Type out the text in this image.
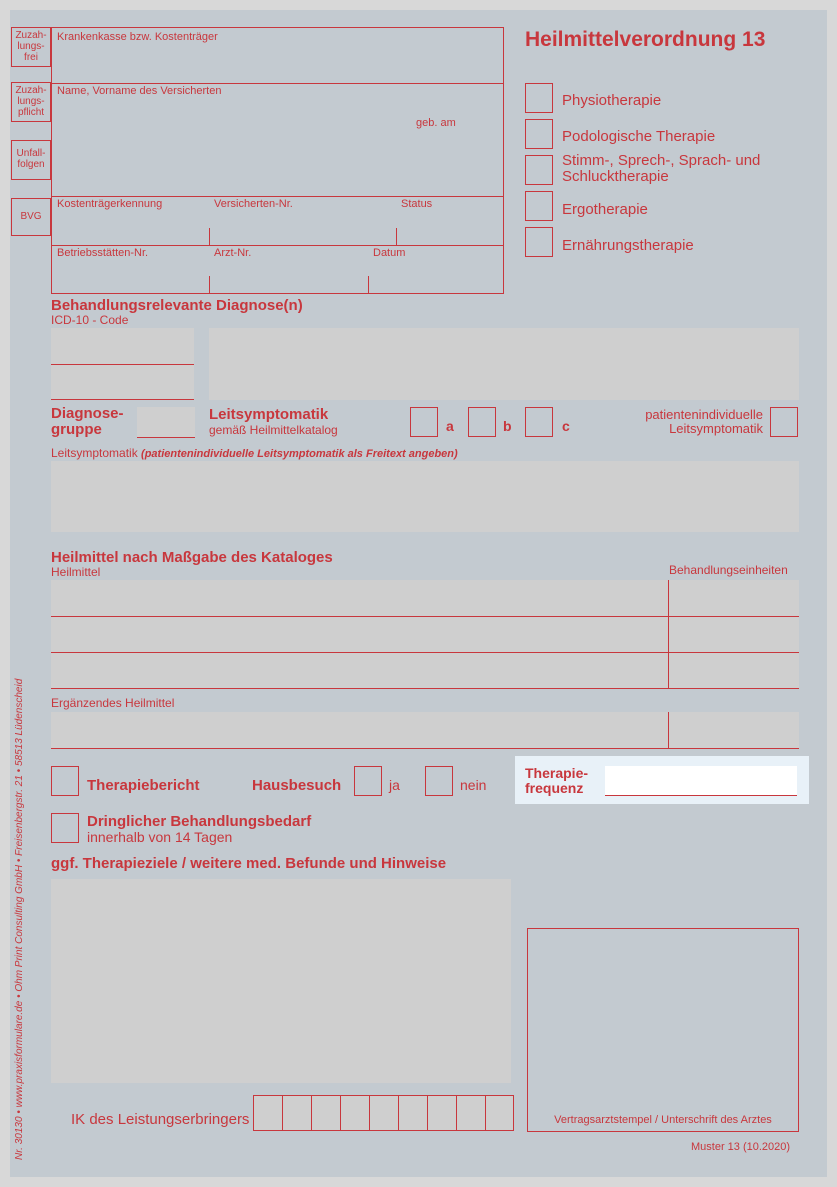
Zuzah-lungs-frei
Zuzah-lungs-pflicht
Unfall-folgen
BVG
Krankenkasse bzw. Kostenträger
Name, Vorname des Versicherten
geb. am
Kostenträgerkennung	Versicherten-Nr.	Status
Betriebsstätten-Nr.	Arzt-Nr.	Datum
Heilmittelverordnung 13
Physiotherapie
Podologische Therapie
Stimm-, Sprech-, Sprach- und
Schlucktherapie
Ergotherapie
Ernährungstherapie
Behandlungsrelevante Diagnose(n)
ICD-10 - Code
Diagnose-
gruppe
Leitsymptomatik
gemäß Heilmittelkatalog	a	b	c
patientenindividuelle
Leitsymptomatik
Leitsymptomatik (patientenindividuelle Leitsymptomatik als Freitext angeben)
Heilmittel nach Maßgabe des Kataloges
Heilmittel	Behandlungseinheiten
Ergänzendes Heilmittel
Therapiebericht	Hausbesuch	ja	nein
Therapie-
frequenz
Dringlicher Behandlungsbedarf
innerhalb von 14 Tagen
ggf. Therapieziele / weitere med. Befunde und Hinweise
Vertragsarztstempel / Unterschrift des Arztes
IK des Leistungserbringers
Muster 13 (10.2020)
Nr. 30130 • www.praxisformulare.de • Ohm Print Consulting GmbH • Freisenbergstr. 21 • 58513 Lüdenscheid
